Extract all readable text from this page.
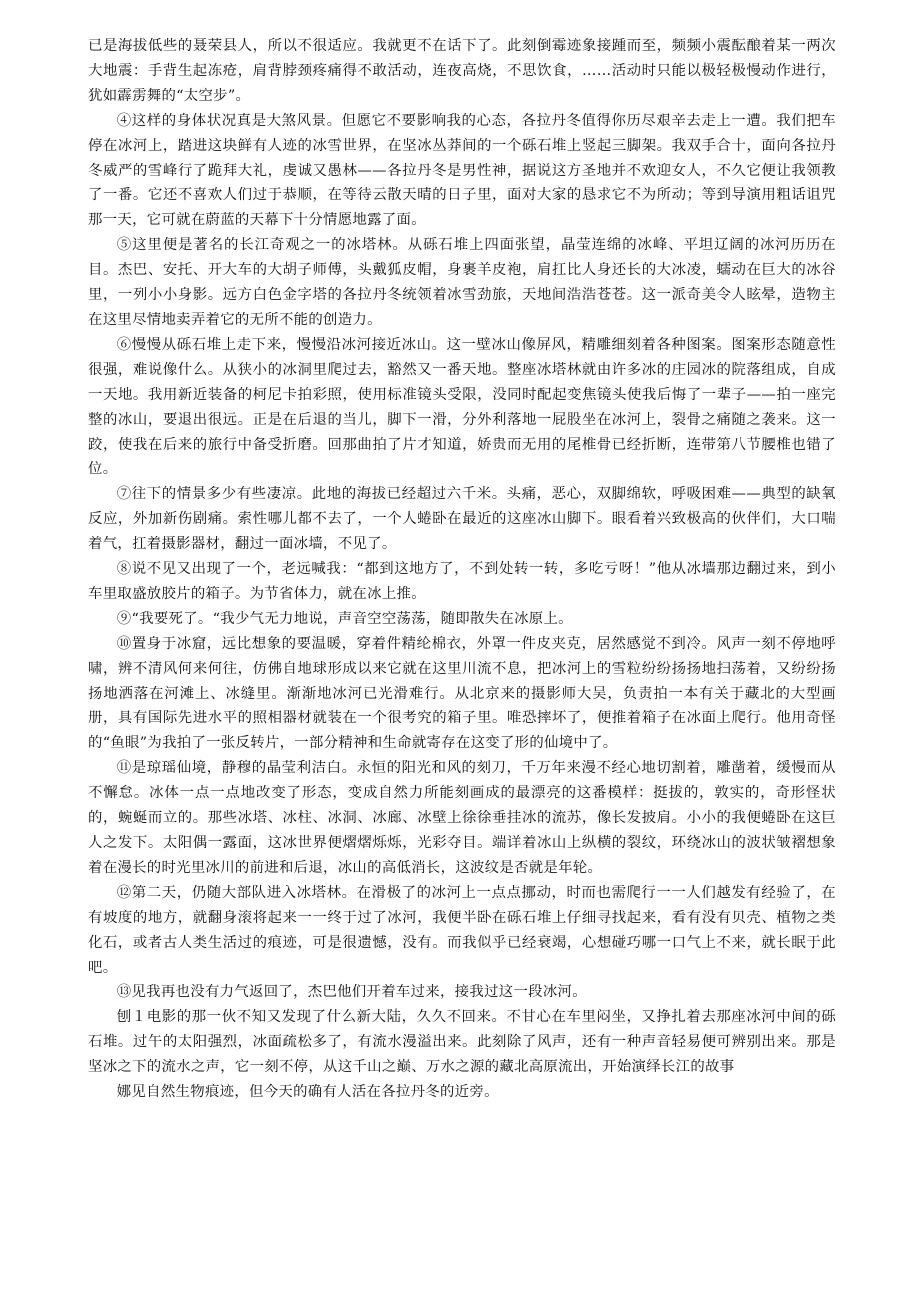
已是海拔低些的聂荣县人，所以不很适应。我就更不在话下了。此刻倒霉迹象接踵而至，频频小震酝酿着某一两次大地震：手背生起冻疮，肩背脖颈疼痛得不敢活动，连夜高烧，不思饮食，……活动时只能以极轻极慢动作进行，犹如霹雳舞的“太空步”。

④这样的身体状况真是大煞风景。但愿它不要影响我的心态，各拉丹冬值得你历尽艰辛去走上一遭。我们把车停在冰河上，踏进这块鲜有人迹的冰雪世界，在坚冰丛莽间的一个砾石堆上竖起三脚架。我双手合十，面向各拉丹冬威严的雪峰行了跪拜大礼，虔诚又愚林——各拉丹冬是男性神，据说这方圣地并不欢迎女人，不久它便让我领教了一番。它还不喜欢人们过于恭顺，在等待云散天晴的日子里，面对大家的恳求它不为所动；等到导演用粗话诅咒那一天，它可就在蔚蓝的天幕下十分情愿地露了面。

⑤这里便是著名的长江奇观之一的冰塔林。从砾石堆上四面张望，晶莹连绵的冰峰、平坦辽阔的冰河历历在目。杰巴、安托、开大车的大胡子师傅，头戴狐皮帽，身裹羊皮袍，肩扛比人身还长的大冰凌，蠕动在巨大的冰谷里，一列小小身影。远方白色金字塔的各拉丹冬统领着冰雪劲旅，天地间浩浩苍苍。这一派奇美令人眩晕，造物主在这里尽情地卖弄着它的无所不能的创造力。

⑥慢慢从砾石堆上走下来，慢慢沿冰河接近冰山。这一壁冰山像屏风，精雕细刻着各种图案。图案形态随意性很强，难说像什么。从狭小的冰洞里爬过去，豁然又一番天地。整座冰塔林就由许多冰的庄园冰的院落组成，自成一天地。我用新近装备的柯尼卡拍彩照，使用标准镜头受限，没同时配起变焦镜头使我后悔了一辈子——拍一座完整的冰山，要退出很远。正是在后退的当儿，脚下一滑，分外利落地一屁股坐在冰河上，裂骨之痛随之袭来。这一跤，使我在后来的旅行中备受折磨。回那曲拍了片才知道，娇贵而无用的尾椎骨已经折断，连带第八节腰椎也错了位。

⑦往下的情景多少有些凄凉。此地的海拔已经超过六千米。头痛，恶心，双脚绵软，呼吸困难——典型的缺氧反应，外加新伤剧痛。索性哪儿都不去了，一个人蜷卧在最近的这座冰山脚下。眼看着兴致极高的伙伴们，大口喘着气，扛着摄影器材，翻过一面冰墙，不见了。

⑧说不见又出现了一个，老远喊我：“都到这地方了，不到处转一转，多吃亏呀！”他从冰墙那边翻过来，到小车里取盛放胶片的箱子。为节省体力，就在冰上推。

⑨“我要死了。“我少气无力地说，声音空空荡荡，随即散失在冰原上。

⑩置身于冰窟，远比想象的要温暖，穿着件精纶棉衣，外罩一件皮夹克，居然感觉不到冷。风声一刻不停地呼啸，辨不清风何来何往，仿佛自地球形成以来它就在这里川流不息，把冰河上的雪粒纷纷扬扬地扫荡着，又纷纷扬扬地洒落在河滩上、冰缝里。渐渐地冰河已光滑难行。从北京来的摄影师大吴，负责拍一本有关于藏北的大型画册，具有国际先进水平的照相器材就装在一个很考究的箱子里。唯恐摔坏了，便推着箱子在冰面上爬行。他用奇怪的“鱼眼”为我拍了一张反转片，一部分精神和生命就寄存在这变了形的仙境中了。

⑪是琼瑶仙境，静穆的晶莹利洁白。永恒的阳光和风的刻刀，千万年来漫不经心地切割着，雕凿着，缓慢而从不懈怠。冰体一点一点地改变了形态，变成自然力所能刻画成的最漂亮的这番模样：挺拔的，敦实的，奇形怪状的，蜿蜒而立的。那些冰塔、冰柱、冰洞、冰廊、冰壁上徐徐垂挂冰的流苏，像长发披肩。小小的我便蜷卧在这巨人之发下。太阳偶一露面，这冰世界便熠熠烁烁，光彩夺目。端详着冰山上纵横的裂纹，环绕冰山的波状皱褶想象着在漫长的时光里冰川的前进和后退，冰山的高低消长，这波纹是否就是年轮。

⑫第二天，仍随大部队进入冰塔林。在滑极了的冰河上一点点挪动，时而也需爬行一一人们越发有经验了，在有坡度的地方，就翻身滚将起来一一终于过了冰河，我便半卧在砾石堆上仔细寻找起来，看有没有贝壳、植物之类化石，或者古人类生活过的痕迹，可是很遗憾，没有。而我似乎已经衰竭，心想碰巧哪一口气上不来，就长眠于此吧。

⑬见我再也没有力气返回了，杰巴他们开着车过来，接我过这一段冰河。

刨１电影的那一伙不知又发现了什么新大陆，久久不回来。不甘心在车里闷坐，又挣扎着去那座冰河中间的砾石堆。过午的太阳强烈，冰面疏松多了，有流水漫溢出来。此刻除了风声，还有一种声音轻易便可辨别出来。那是坚冰之下的流水之声，它一刻不停，从这千山之巅、万水之源的藏北高原流出，开始演绎长江的故事

娜见自然生物痕迹，但今天的确有人活在各拉丹冬的近旁。
